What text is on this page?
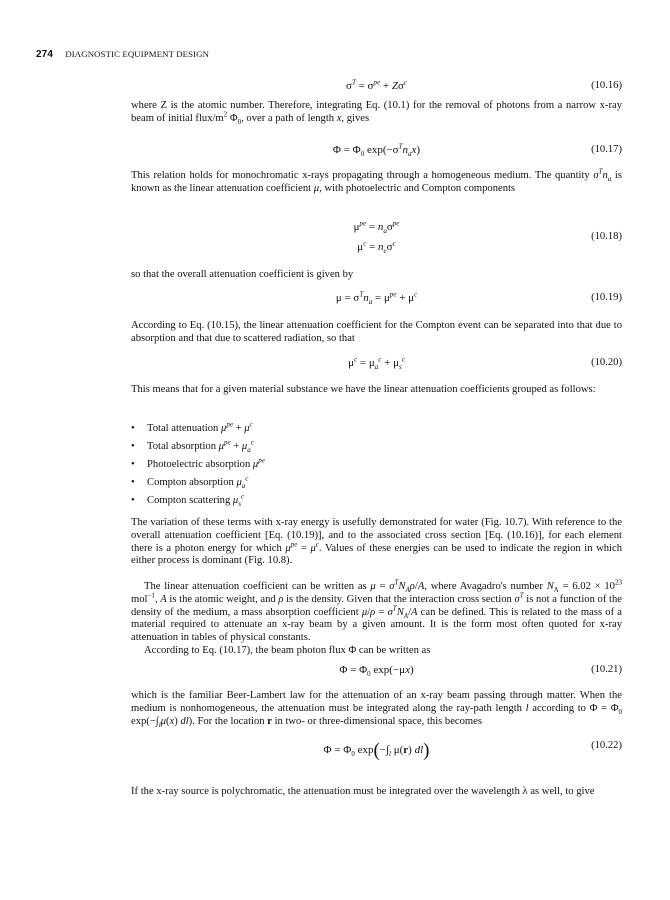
274 DIAGNOSTIC EQUIPMENT DESIGN
$\sigma^T = \sigma^{pe} + Z\sigma^c$	(10.16)

where Z is the atomic number. Therefore, integrating Eq. (10.1) for the removal of photons from a narrow x-ray beam of initial flux/$m^2$ $\Phi_0$, over a path of length x, gives

$\Phi = \Phi_0$ $\exp(-\sigma^Tn_ax)$	(10.17)

This relation holds for monochromatic x-rays propagating through a homogeneous medium. The quantity $\sigma^Tn_a$ is known as the linear attenuation coefficient μ, with photoelectric and Compton components

$\mu^{pe} = n_a\sigma^{pe}$
$\mu^c = n_e\sigma^c$
(10.18)

so that the overall attenuation coefficient is given by

$\mu = \sigma^Tn_a = \mu^{pe} + \mu^c$	(10.19)

According to Eq. (10.15), the linear attenuation coefficient for the Compton event can be separated into that due to absorption and that due to scattered radiation, so that

$\mu^c = \mu_a^c + \mu_s^c$	(10.20)

This means that for a given material substance we have the linear attenuation coefficients grouped as follows:

• Total attenuation $\mu^{pe} + \mu^c$
• Total absorption $\mu^{pe} + \mu_a^c$
• Photoelectric absorption $\mu^{pe}$
• Compton absorption $\mu_a^c$
• Compton scattering $\mu_s^c$

The variation of these terms with x-ray energy is usefully demonstrated for water (Fig. 10.7). With reference to the overall attenuation coefficient [Eq. (10.19)], and to the associated cross section [Eq. (10.16)], for each element there is a photon energy for which $\mu^{pe} = \mu^c$. Values of these energies can be used to indicate the region in which either process is dominant (Fig. 10.8).

The linear attenuation coefficient can be written as $\mu = \sigma^TN_A\rho/A$, where Avagadro's number $N_A = 6.02 \times 10^{23}$ mol$^{-1}$, A is the atomic weight, and ρ is the density. Given that the interaction cross section $\sigma^T$ is not a function of the density of the medium, a mass absorption coefficient $\mu/\rho = \sigma^TN_A/A$ can be defined. This is related to the mass of a material required to attenuate an x-ray beam by a given amount. It is the form most often quoted for x-ray attenuation in tables of physical constants.

According to Eq. (10.17), the beam photon flux Φ can be written as

$\Phi = \Phi_0$ exp(−μx)	(10.21)

which is the familiar Beer-Lambert law for the attenuation of an x-ray beam passing through matter. When the medium is nonhomogeneous, the attenuation must be integrated along the ray-path length l according to $\Phi = \Phi_0$ $\exp(-\int_l\mu(x)$ dl). For the location r in two- or three-dimensional space, this becomes

$\Phi = \Phi_0$ $\exp(-\int_l$ μ(r) dl)	(10.22)

If the x-ray source is polychromatic, the attenuation must be integrated over the wavelength λ as well, to give
